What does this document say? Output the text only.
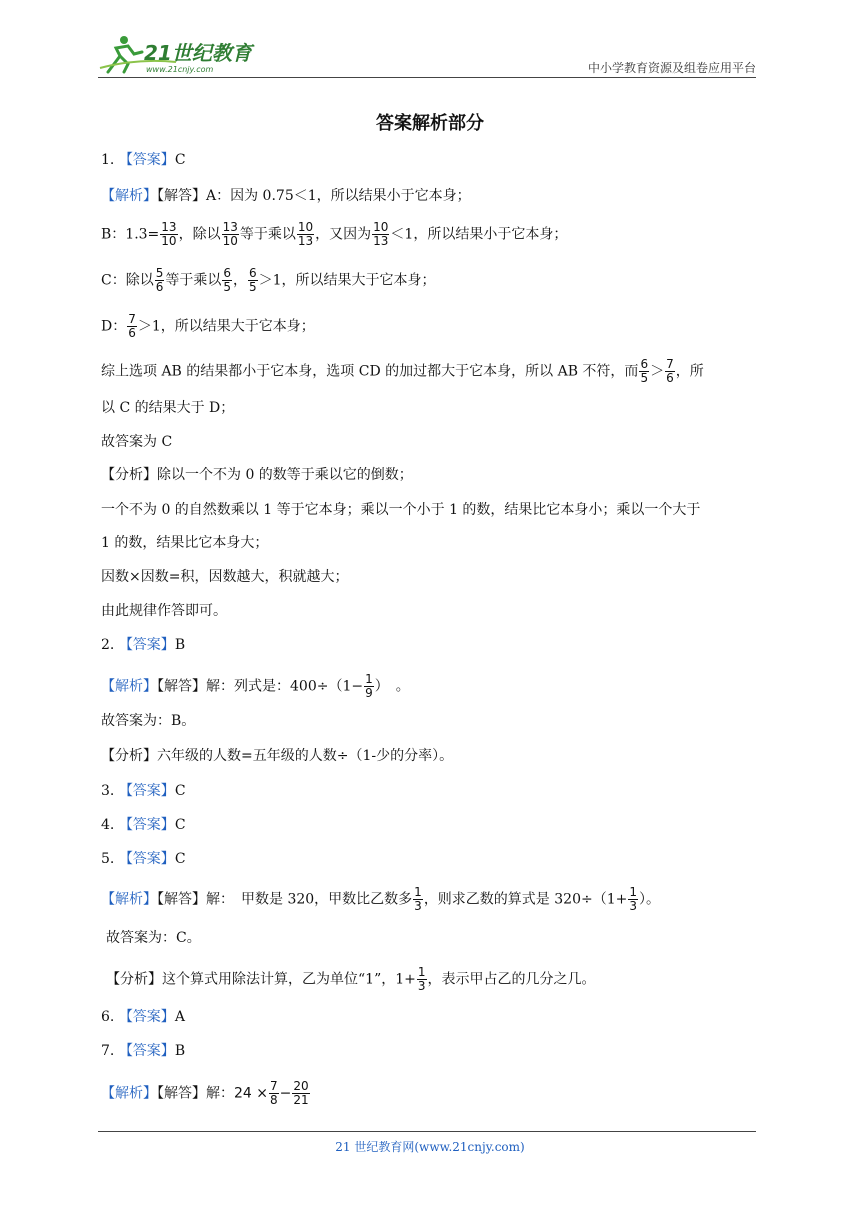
21世纪教育
www.21cnjy.com	中小学教育资源及组卷应用平台
答案解析部分
1. 【答案】C
【解析】【解答】A：因为 0.75＜1，所以结果小于它本身；
B：$1.3= \frac{13}{10}$ ，除以 $\frac{13}{10}$ 等于乘以 $\frac{10}{13}$ ，又因为 $\frac{10}{13} <1$，所以结果小于它本身；
C：除以 $\frac{5}{6}$ 等于乘以 $\frac{6}{5}$ ， $\frac{6}{5} >1$，所以结果大于它本身；
D： $\frac{7}{6} >1$，所以结果大于它本身；
综上选项 AB 的结果都小于它本身，选项 CD 的加过都大于它本身，所以 AB 不符，而 $\frac{6}{5} > \frac{7}{6}$ ，所
以 C 的结果大于 D；
故答案为 C
【分析】除以一个不为 0 的数等于乘以它的倒数；
一个不为 0 的自然数乘以 1 等于它本身；乘以一个小于 1 的数，结果比它本身小；乘以一个大于
1 的数，结果比它本身大；
因数×因数=积，因数越大，积就越大；
由此规律作答即可。
2. 【答案】B
【解析】【解答】解：列式是：$400\div(1- \frac{1}{9}$ ）　。
故答案为：B。
【分析】六年级的人数=五年级的人数÷（1-少的分率）。
3. 【答案】C
4. 【答案】C
5. 【答案】C
【解析】【解答】解：　甲数是 320，甲数比乙数多 $\frac{1}{3}$ ，则求乙数的算式是 $320\div(1+ \frac{1}{3}$ ）。
故答案为：C。
【分析】这个算式用除法计算，乙为单位“1”，$1+ \frac{1}{3}$ ，表示甲占乙的几分之几。
6. 【答案】A
7. 【答案】B
【解析】【解答】解：$24 \times \frac{7}{8} - \frac{20}{21}$
21 世纪教育网(www.21cnjy.com)
